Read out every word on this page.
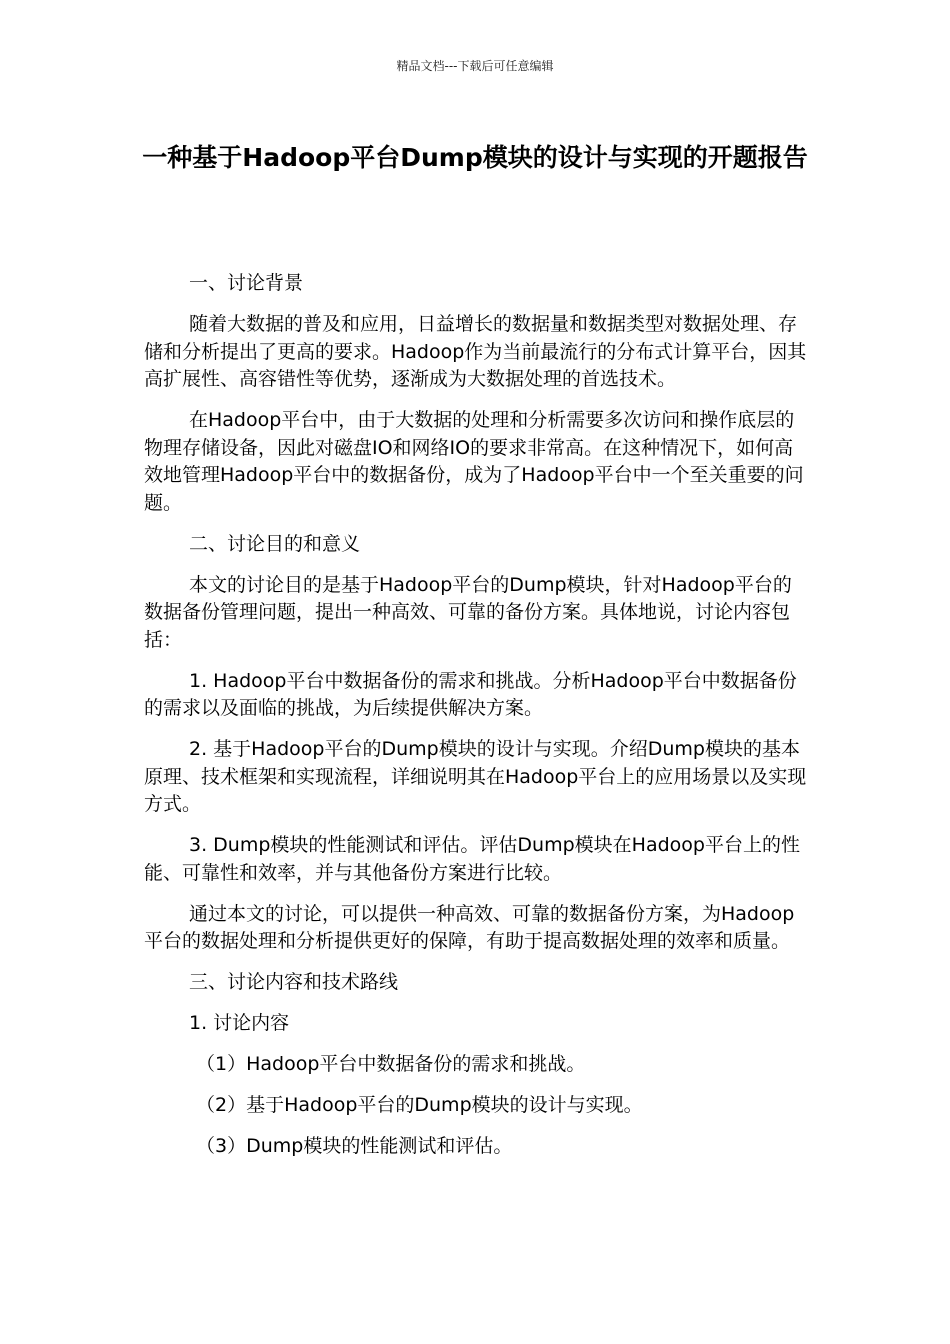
精品文档---下载后可任意编辑
一种基于Hadoop平台Dump模块的设计与实现的开题报告

一、讨论背景

随着大数据的普及和应用，日益增长的数据量和数据类型对数据处理、存储和分析提出了更高的要求。Hadoop作为当前最流行的分布式计算平台，因其高扩展性、高容错性等优势，逐渐成为大数据处理的首选技术。

在Hadoop平台中，由于大数据的处理和分析需要多次访问和操作底层的物理存储设备，因此对磁盘IO和网络IO的要求非常高。在这种情况下，如何高效地管理Hadoop平台中的数据备份，成为了Hadoop平台中一个至关重要的问题。

二、讨论目的和意义

本文的讨论目的是基于Hadoop平台的Dump模块，针对Hadoop平台的数据备份管理问题，提出一种高效、可靠的备份方案。具体地说，讨论内容包括：

1. Hadoop平台中数据备份的需求和挑战。分析Hadoop平台中数据备份的需求以及面临的挑战，为后续提供解决方案。

2. 基于Hadoop平台的Dump模块的设计与实现。介绍Dump模块的基本原理、技术框架和实现流程，详细说明其在Hadoop平台上的应用场景以及实现方式。

3. Dump模块的性能测试和评估。评估Dump模块在Hadoop平台上的性能、可靠性和效率，并与其他备份方案进行比较。

通过本文的讨论，可以提供一种高效、可靠的数据备份方案，为Hadoop平台的数据处理和分析提供更好的保障，有助于提高数据处理的效率和质量。

三、讨论内容和技术路线

1. 讨论内容

（1）Hadoop平台中数据备份的需求和挑战。

（2）基于Hadoop平台的Dump模块的设计与实现。

（3）Dump模块的性能测试和评估。
